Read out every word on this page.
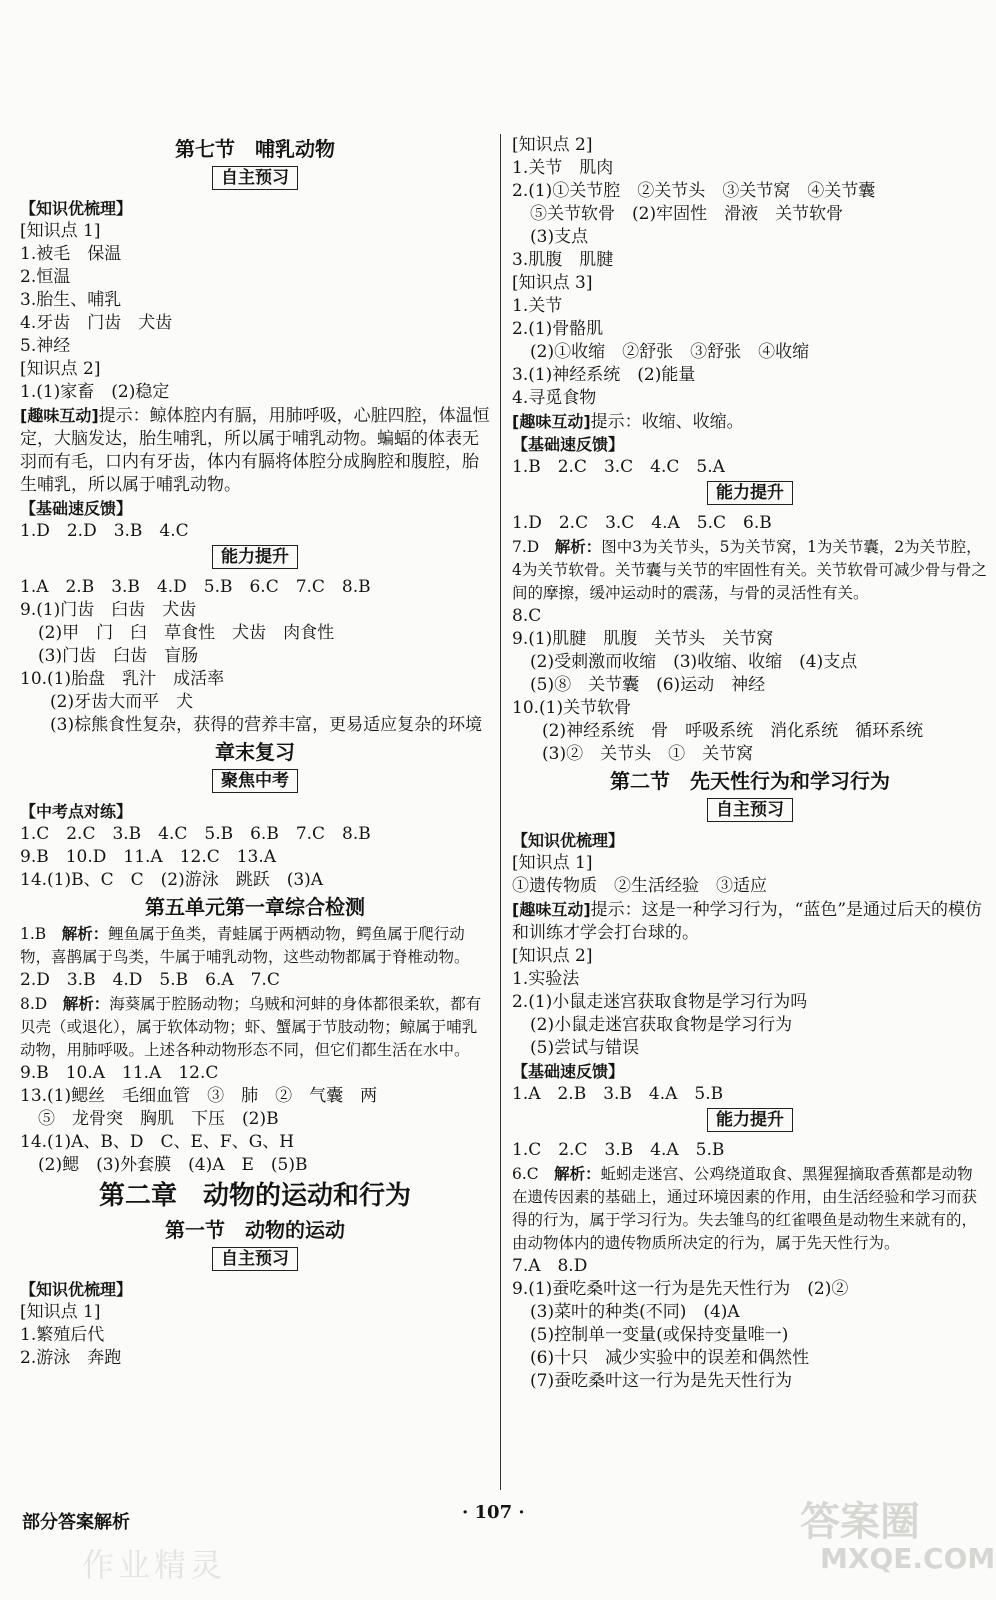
第七节　哺乳动物
自主预习
【知识优梳理】
[知识点 1]
1.被毛　保温
2.恒温
3.胎生、哺乳
4.牙齿　门齿　犬齿
5.神经
[知识点 2]
1.(1)家畜　(2)稳定
[趣味互动]提示：鲸体腔内有膈，用肺呼吸，心脏四腔，体温恒定，大脑发达，胎生哺乳，所以属于哺乳动物。蝙蝠的体表无羽而有毛，口内有牙齿，体内有膈将体腔分成胸腔和腹腔，胎生哺乳，所以属于哺乳动物。
【基础速反馈】
1.D　2.D　3.B　4.C
能力提升
1.A　2.B　3.B　4.D　5.B　6.C　7.C　8.B
9.(1)门齿　臼齿　犬齿
(2)甲　门　臼　草食性　犬齿　肉食性
(3)门齿　臼齿　盲肠
10.(1)胎盘　乳汁　成活率
(2)牙齿大而平　犬
(3)棕熊食性复杂，获得的营养丰富，更易适应复杂的环境
章末复习
聚焦中考
【中考点对练】
1.C　2.C　3.B　4.C　5.B　6.B　7.C　8.B
9.B　10.D　11.A　12.C　13.A
14.(1)B、C　C　(2)游泳　跳跃　(3)A
第五单元第一章综合检测
1.B　解析：鲤鱼属于鱼类，青蛙属于两栖动物，鳄鱼属于爬行动物，喜鹊属于鸟类，牛属于哺乳动物，这些动物都属于脊椎动物。
2.D　3.B　4.D　5.B　6.A　7.C
8.D　解析：海葵属于腔肠动物；乌贼和河蚌的身体都很柔软，都有贝壳（或退化），属于软体动物；虾、蟹属于节肢动物；鲸属于哺乳动物，用肺呼吸。上述各种动物形态不同，但它们都生活在水中。
9.B　10.A　11.A　12.C
13.(1)鳃丝　毛细血管　③　肺　②　气囊　两
⑤　龙骨突　胸肌　下压　(2)B
14.(1)A、B、D　C、E、F、G、H
(2)鳃　(3)外套膜　(4)A　E　(5)B
第二章　动物的运动和行为
第一节　动物的运动
自主预习
【知识优梳理】
[知识点 1]
1.繁殖后代
2.游泳　奔跑
[知识点 2]
1.关节　肌肉
2.(1)①关节腔　②关节头　③关节窝　④关节囊
⑤关节软骨　(2)牢固性　滑液　关节软骨
(3)支点
3.肌腹　肌腱
[知识点 3]
1.关节
2.(1)骨骼肌
(2)①收缩　②舒张　③舒张　④收缩
3.(1)神经系统　(2)能量
4.寻觅食物
[趣味互动]提示：收缩、收缩。
【基础速反馈】
1.B　2.C　3.C　4.C　5.A
能力提升
1.D　2.C　3.C　4.A　5.C　6.B
7.D　解析：图中3为关节头，5为关节窝，1为关节囊，2为关节腔，4为关节软骨。关节囊与关节的牢固性有关。关节软骨可减少骨与骨之间的摩擦，缓冲运动时的震荡，与骨的灵活性有关。
8.C
9.(1)肌腱　肌腹　关节头　关节窝
(2)受刺激而收缩　(3)收缩、收缩　(4)支点
(5)⑧　关节囊　(6)运动　神经
10.(1)关节软骨
(2)神经系统　骨　呼吸系统　消化系统　循环系统
(3)②　关节头　①　关节窝
第二节　先天性行为和学习行为
自主预习
【知识优梳理】
[知识点 1]
①遗传物质　②生活经验　③适应
[趣味互动]提示：这是一种学习行为，“蓝色”是通过后天的模仿和训练才学会打台球的。
[知识点 2]
1.实验法
2.(1)小鼠走迷宫获取食物是学习行为吗
(2)小鼠走迷宫获取食物是学习行为
(5)尝试与错误
【基础速反馈】
1.A　2.B　3.B　4.A　5.B
能力提升
1.C　2.C　3.B　4.A　5.B
6.C　解析：蚯蚓走迷宫、公鸡绕道取食、黑猩猩摘取香蕉都是动物在遗传因素的基础上，通过环境因素的作用，由生活经验和学习而获得的行为，属于学习行为。失去雏鸟的红雀喂鱼是动物生来就有的，由动物体内的遗传物质所决定的行为，属于先天性行为。
7.A　8.D
9.(1)蚕吃桑叶这一行为是先天性行为　(2)②
(3)菜叶的种类(不同)　(4)A
(5)控制单一变量(或保持变量唯一)
(6)十只　减少实验中的误差和偶然性
(7)蚕吃桑叶这一行为是先天性行为
部分答案解析	· 107 ·
作业精灵
答案圈
MXQE.COM
